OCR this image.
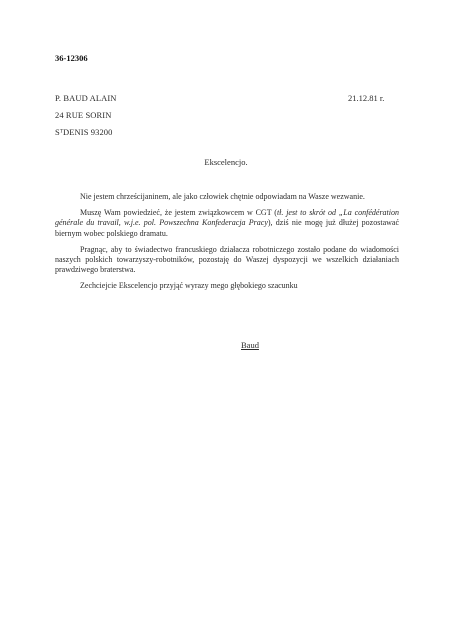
36-12306
P. BAUD ALAIN
24 RUE SORIN
SᵀDENIS 93200
21.12.81 r.
Ekscelencjo.

Nie jestem chrześcijaninem, ale jako człowiek chętnie odpowiadam na Wasze wezwanie.

Muszę Wam powiedzieć, że jestem związkowcem w CGT (tł. jest to skrót od „La confédération générale du travail, w.j.e. pol. Powszechna Konfederacja Pracy), dziś nie mogę już dłużej pozostawać biernym wobec polskiego dramatu.

Pragnąc, aby to świadectwo francuskiego działacza robotniczego zostało podane do wiadomości naszych polskich towarzyszy-robotników, pozostaję do Waszej dyspozycji we wszelkich działaniach prawdziwego braterstwa.

Zechciejcie Ekscelencjo przyjąć wyrazy mego głębokiego szacunku

Baud
